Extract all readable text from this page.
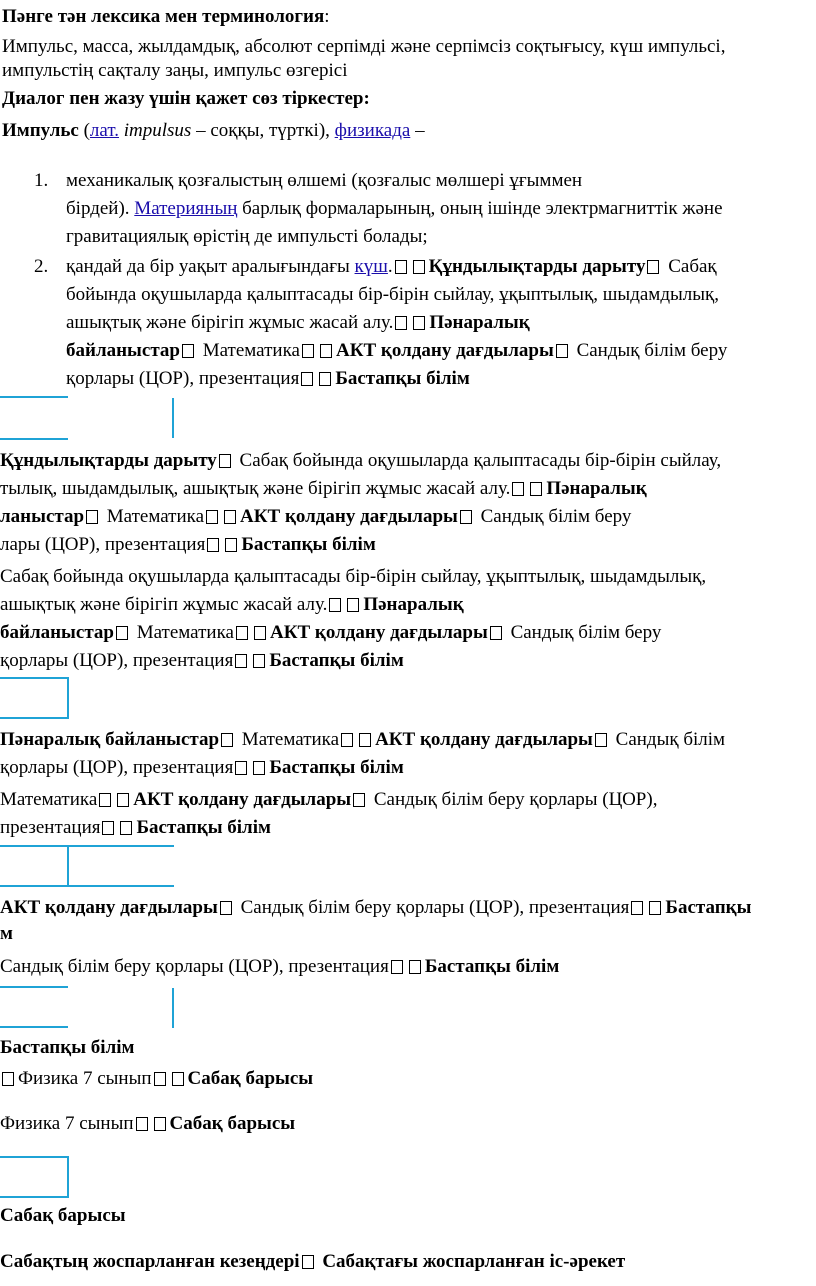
Пәнге тән лексика мен терминология:
Импульс, масса, жылдамдық, абсолют серпімді және серпімсіз соқтығысу, күш импульсі,
импульстің сақталу заңы, импульс өзгерісі
Диалог пен жазу үшін қажет сөз тіркестер:
Импульс (лат. impulsus – соққы, түрткі), физикада –
1. механикалық қозғалыстың өлшемі (қозғалыс мөлшері ұғыммен
бірдей). Материяның барлық формаларының, оның ішінде электрмагниттік және
гравитациялық өрістің де импульсті болады;
2. қандай да бір уақыт аралығындағы күш. Құндылықтарды дарыту Сабақ
бойында оқушыларда қалыптасады бір-бірін сыйлау, ұқыптылық, шыдамдылық,
ашықтық және бірігіп жұмыс жасай алу. Пәнаралық
байланыстар Математика АКТ қолдану дағдылары Сандық білім беру
қорлары (ЦОР), презентация Бастапқы білім
Құндылықтарды дарыту Сабақ бойында оқушыларда қалыптасады бір-бірін сыйлау,
тылық, шыдамдылық, ашықтық және бірігіп жұмыс жасай алу. Пәнаралық
ланыстар Математика АКТ қолдану дағдылары Сандық білім беру
лары (ЦОР), презентация Бастапқы білім
Сабақ бойында оқушыларда қалыптасады бір-бірін сыйлау, ұқыптылық, шыдамдылық,
ашықтық және бірігіп жұмыс жасай алу. Пәнаралық
байланыстар Математика АКТ қолдану дағдылары Сандық білім беру
қорлары (ЦОР), презентация Бастапқы білім
Пәнаралық байланыстар Математика АКТ қолдану дағдылары Сандық білім
қорлары (ЦОР), презентация Бастапқы білім
Математика АКТ қолдану дағдылары Сандық білім беру қорлары (ЦОР),
презентация Бастапқы білім
АКТ қолдану дағдылары Сандық білім беру қорлары (ЦОР), презентация Бастапқы
м
Сандық білім беру қорлары (ЦОР), презентация Бастапқы білім
Бастапқы білім
Физика 7 сынып Сабақ барысы
Физика 7 сынып Сабақ барысы
Сабақ барысы
Сабақтың жоспарланған кезеңдері Сабақтағы жоспарланған іс-әрекет
